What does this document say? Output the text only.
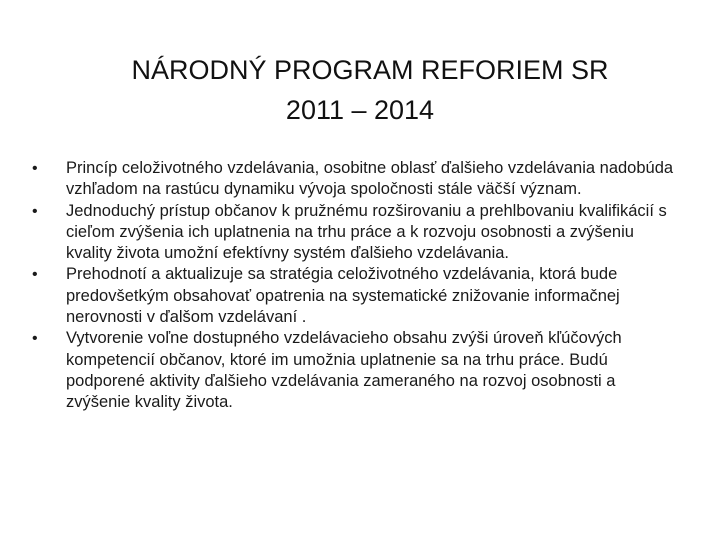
NÁRODNÝ PROGRAM REFORIEM SR
2011 – 2014
•	Princíp celoživotného vzdelávania, osobitne oblasť ďalšieho vzdelávania nadobúda vzhľadom na rastúcu dynamiku vývoja spoločnosti stále väčší význam.
•	Jednoduchý prístup občanov k pružnému rozširovaniu a prehlbovaniu kvalifikácií s cieľom zvýšenia ich uplatnenia na trhu práce a k rozvoju osobnosti a zvýšeniu kvality života umožní efektívny systém ďalšieho vzdelávania.
•	Prehodnotí a aktualizuje sa stratégia celoživotného vzdelávania, ktorá bude predovšetkým obsahovať opatrenia na systematické znižovanie informačnej nerovnosti v ďalšom vzdelávaní .
•	Vytvorenie voľne dostupného vzdelávacieho obsahu zvýši úroveň kľúčových kompetencií občanov, ktoré im umožnia uplatnenie sa na trhu práce. Budú podporené aktivity ďalšieho vzdelávania zameraného na rozvoj osobnosti a zvýšenie kvality života.
